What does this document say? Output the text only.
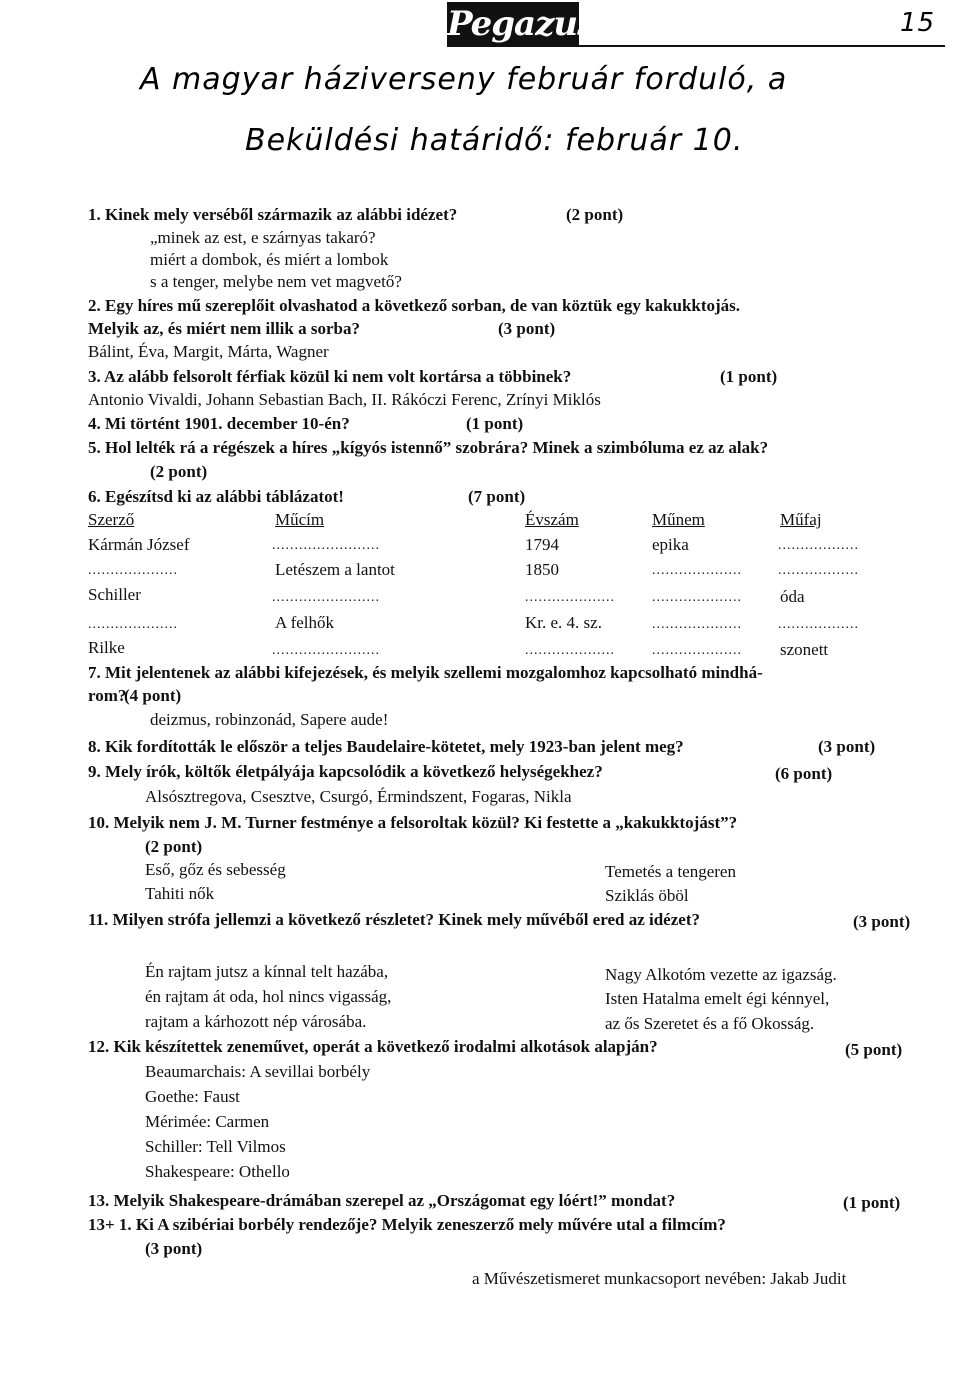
Pegazus	15
A magyar háziverseny február forduló, a
Beküldési határidő: február 10.
1. Kinek mely verséből származik az alábbi idézet?	(2 pont)
„minek az est, e szárnyas takaró?
miért a dombok, és miért a lombok
s a tenger, melybe nem vet magvető?
2. Egy híres mű szereplőit olvashatod a következő sorban, de van köztük egy kakukktojás.
Melyik az, és miért nem illik a sorba?	(3 pont)
Bálint, Éva, Margit, Márta, Wagner
3. Az alább felsorolt férfiak közül ki nem volt kortársa a többinek?	(1 pont)
Antonio Vivaldi, Johann Sebastian Bach, II. Rákóczi Ferenc, Zrínyi Miklós
4. Mi történt 1901. december 10-én?	(1 pont)
5. Hol lelték rá a régészek a híres „kígyós istennő” szobrára? Minek a szimbóluma ez az alak?
(2 pont)
6. Egészítsd ki az alábbi táblázatot!	(7 pont)
Szerző	Műcím	Évszám	Műnem	Műfaj
Kármán József	........................	1794	epika	..................
....................	Letészem a lantot	1850	....................	..................
Schiller	........................	....................	.................... óda
....................	A felhők	Kr. e. 4. sz.	....................	..................
Rilke	........................	....................	.................... szonett
7. Mit jelentenek az alábbi kifejezések, és melyik szellemi mozgalomhoz kapcsolható mindhá-
rom?
(4 pont)
deizmus, robinzonád, Sapere aude!
8. Kik fordították le először a teljes Baudelaire-kötetet, mely 1923-ban jelent meg?	(3 pont)
9. Mely írók, költők életpályája kapcsolódik a következő helységekhez?	(6 pont)
Alsósztregova, Csesztve, Csurgó, Érmindszent, Fogaras, Nikla
10. Melyik nem J. M. Turner festménye a felsoroltak közül? Ki festette a „kakukktojást”?
(2 pont)
Eső, gőz és sebesség	Temetés a tengeren
Tahiti nők	Sziklás öböl
11. Milyen strófa jellemzi a következő részletet? Kinek mely művéből ered az idézet?	(3 pont)
Én rajtam jutsz a kínnal telt hazába,
én rajtam át oda, hol nincs vigasság,
rajtam a kárhozott nép városába.
Nagy Alkotóm vezette az igazság.
Isten Hatalma emelt égi kénnyel,
az ős Szeretet és a fő Okosság.
12. Kik készítettek zeneművet, operát a következő irodalmi alkotások alapján?	(5 pont)
Beaumarchais: A sevillai borbély
Goethe: Faust
Mérimée: Carmen
Schiller: Tell Vilmos
Shakespeare: Othello
13. Melyik Shakespeare-drámában szerepel az „Országomat egy lóért!” mondat?	(1 pont)
13+ 1. Ki A szibériai borbély rendezője? Melyik zeneszerző mely művére utal a filmcím?
(3 pont)
a Művészetismeret munkacsoport nevében: Jakab Judit
